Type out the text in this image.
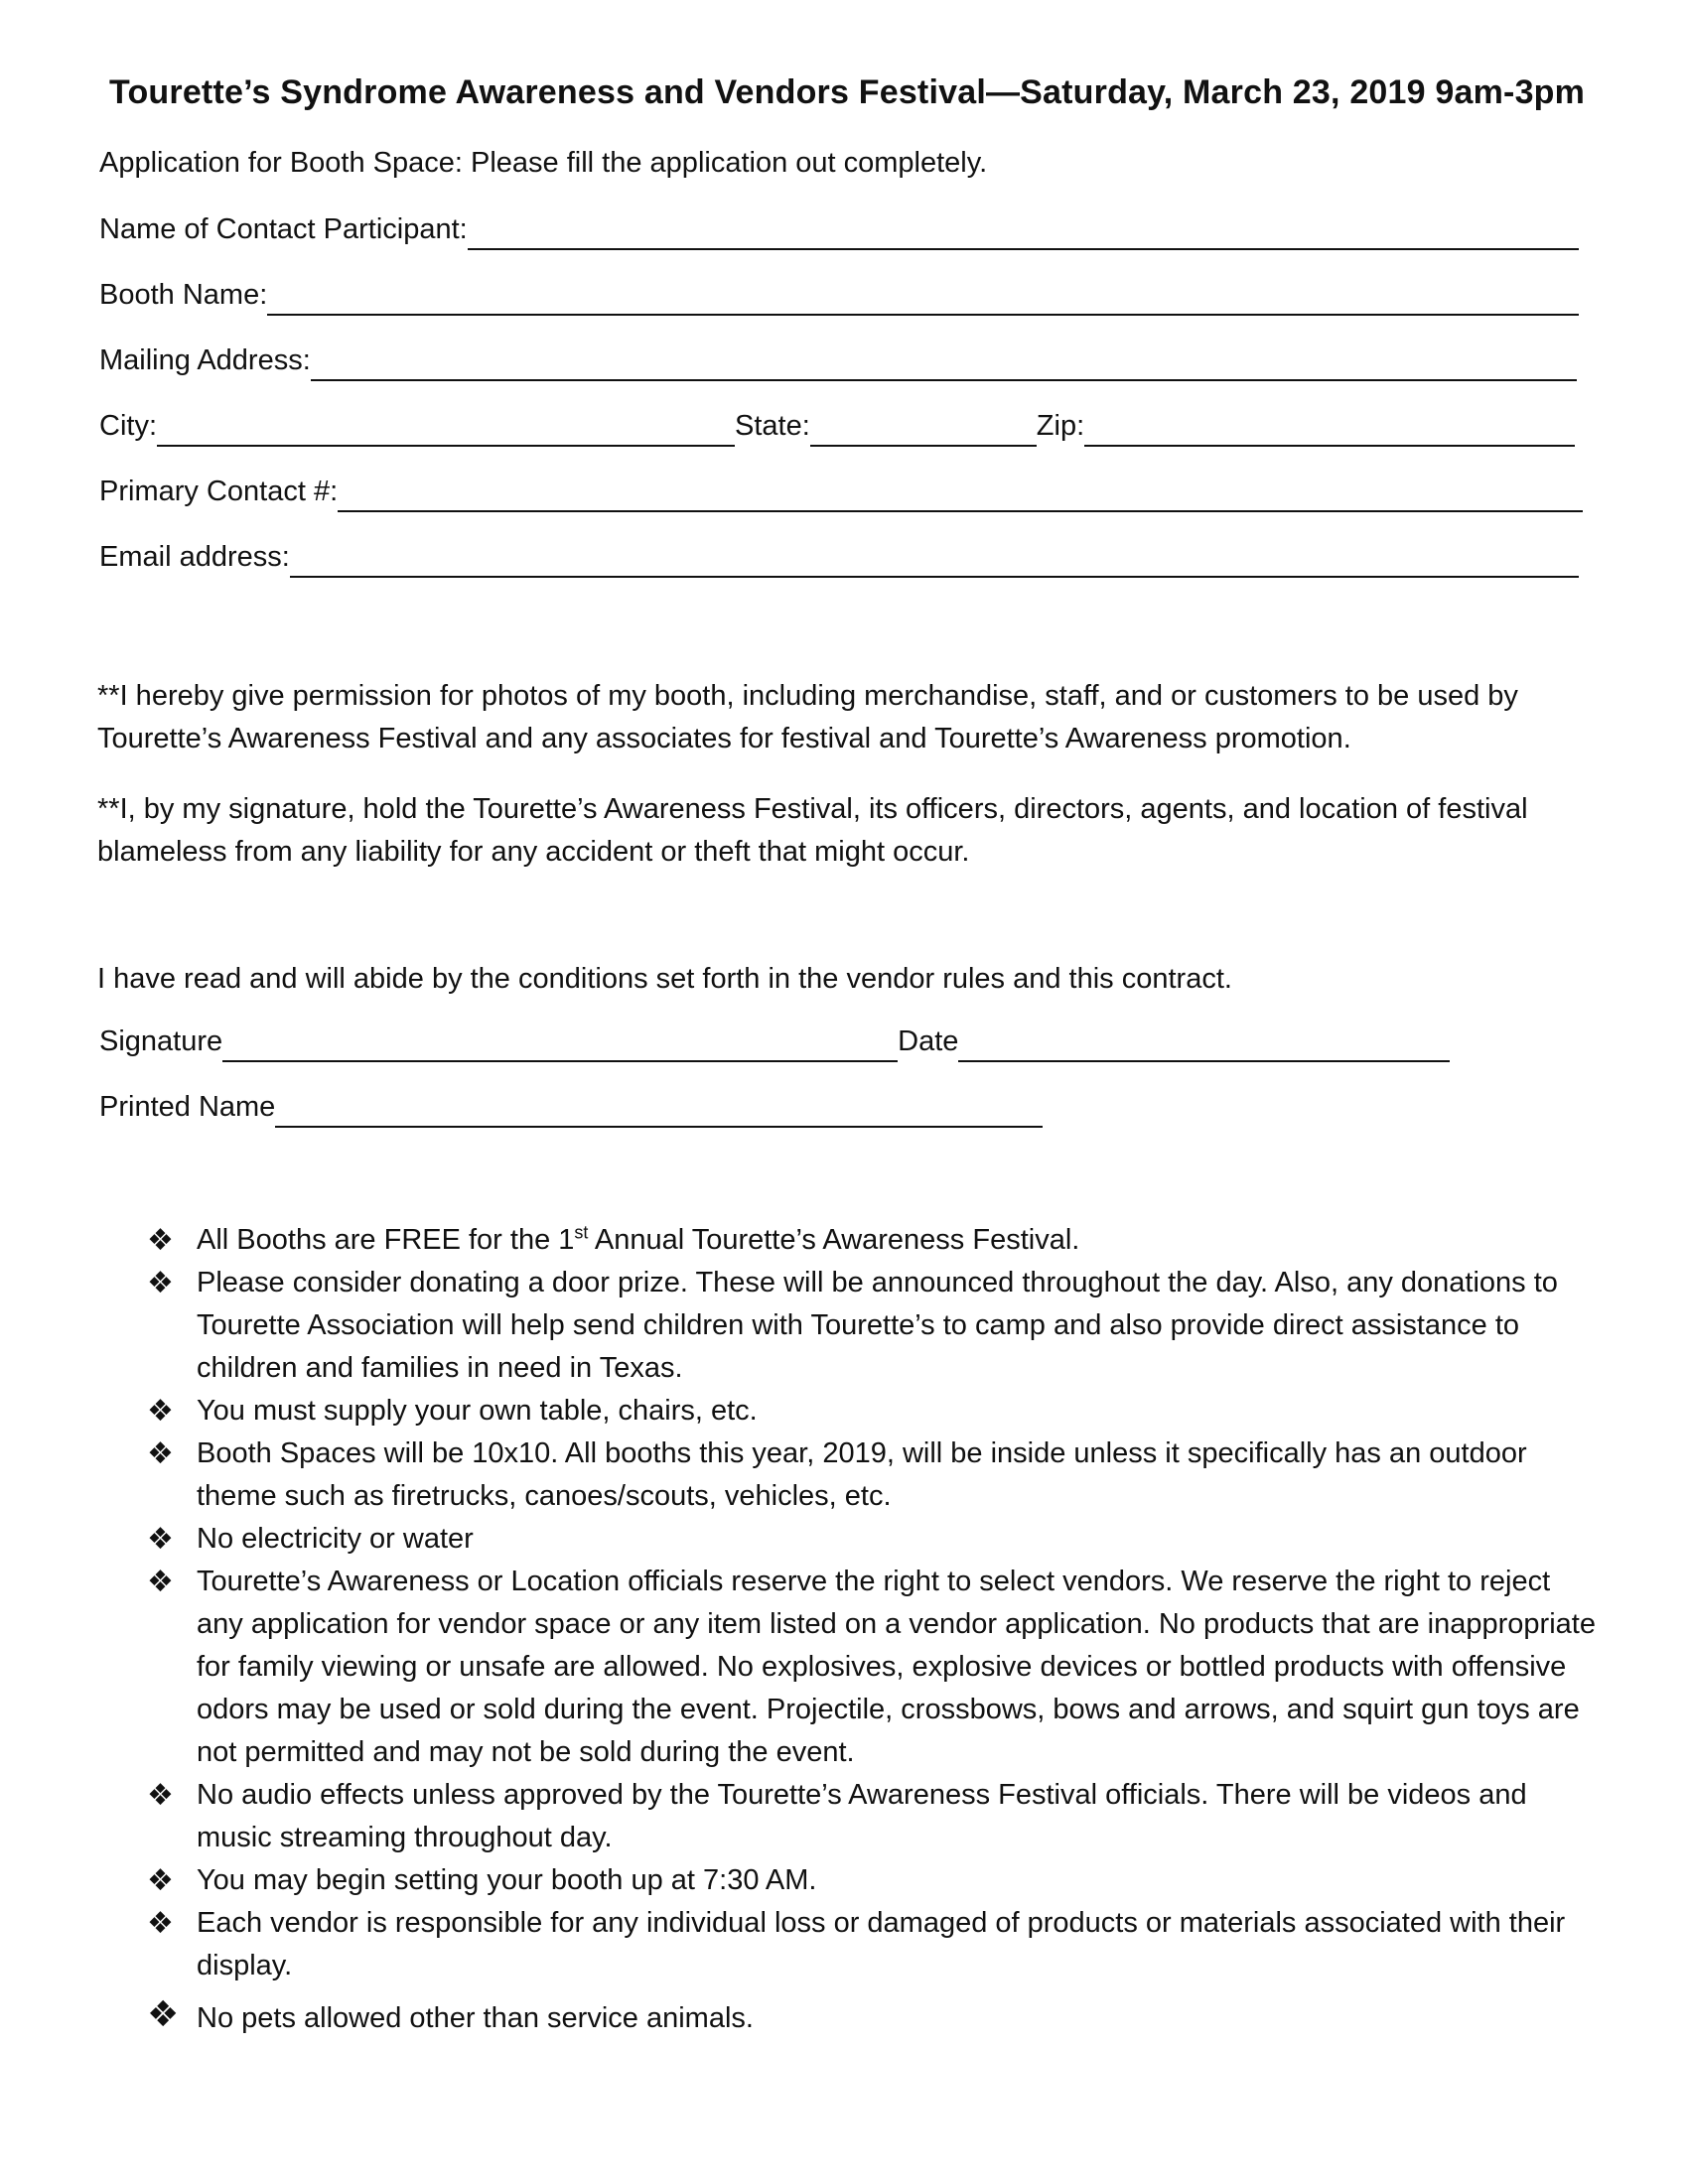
Tourette’s Syndrome Awareness and Vendors Festival—Saturday, March 23, 2019 9am-3pm
Application for Booth Space: Please fill the application out completely.
Name of Contact Participant:
Booth Name:
Mailing Address:
City:	State:	Zip:
Primary Contact #:
Email address:
**I hereby give permission for photos of my booth, including merchandise, staff, and or customers to be used by Tourette’s Awareness Festival and any associates for festival and Tourette’s Awareness promotion.
**I, by my signature, hold the Tourette’s Awareness Festival, its officers, directors, agents, and location of festival blameless from any liability for any accident or theft that might occur.
I have read and will abide by the conditions set forth in the vendor rules and this contract.
Signature	Date
Printed Name
❖ All Booths are FREE for the 1st Annual Tourette’s Awareness Festival.
❖ Please consider donating a door prize. These will be announced throughout the day. Also, any donations to Tourette Association will help send children with Tourette’s to camp and also provide direct assistance to children and families in need in Texas.
❖ You must supply your own table, chairs, etc.
❖ Booth Spaces will be 10x10. All booths this year, 2019, will be inside unless it specifically has an outdoor theme such as firetrucks, canoes/scouts, vehicles, etc.
❖ No electricity or water
❖ Tourette’s Awareness or Location officials reserve the right to select vendors. We reserve the right to reject any application for vendor space or any item listed on a vendor application. No products that are inappropriate for family viewing or unsafe are allowed. No explosives, explosive devices or bottled products with offensive odors may be used or sold during the event. Projectile, crossbows, bows and arrows, and squirt gun toys are not permitted and may not be sold during the event.
❖ No audio effects unless approved by the Tourette’s Awareness Festival officials. There will be videos and music streaming throughout day.
❖ You may begin setting your booth up at 7:30 AM.
❖ Each vendor is responsible for any individual loss or damaged of products or materials associated with their display.
❖ No pets allowed other than service animals.
